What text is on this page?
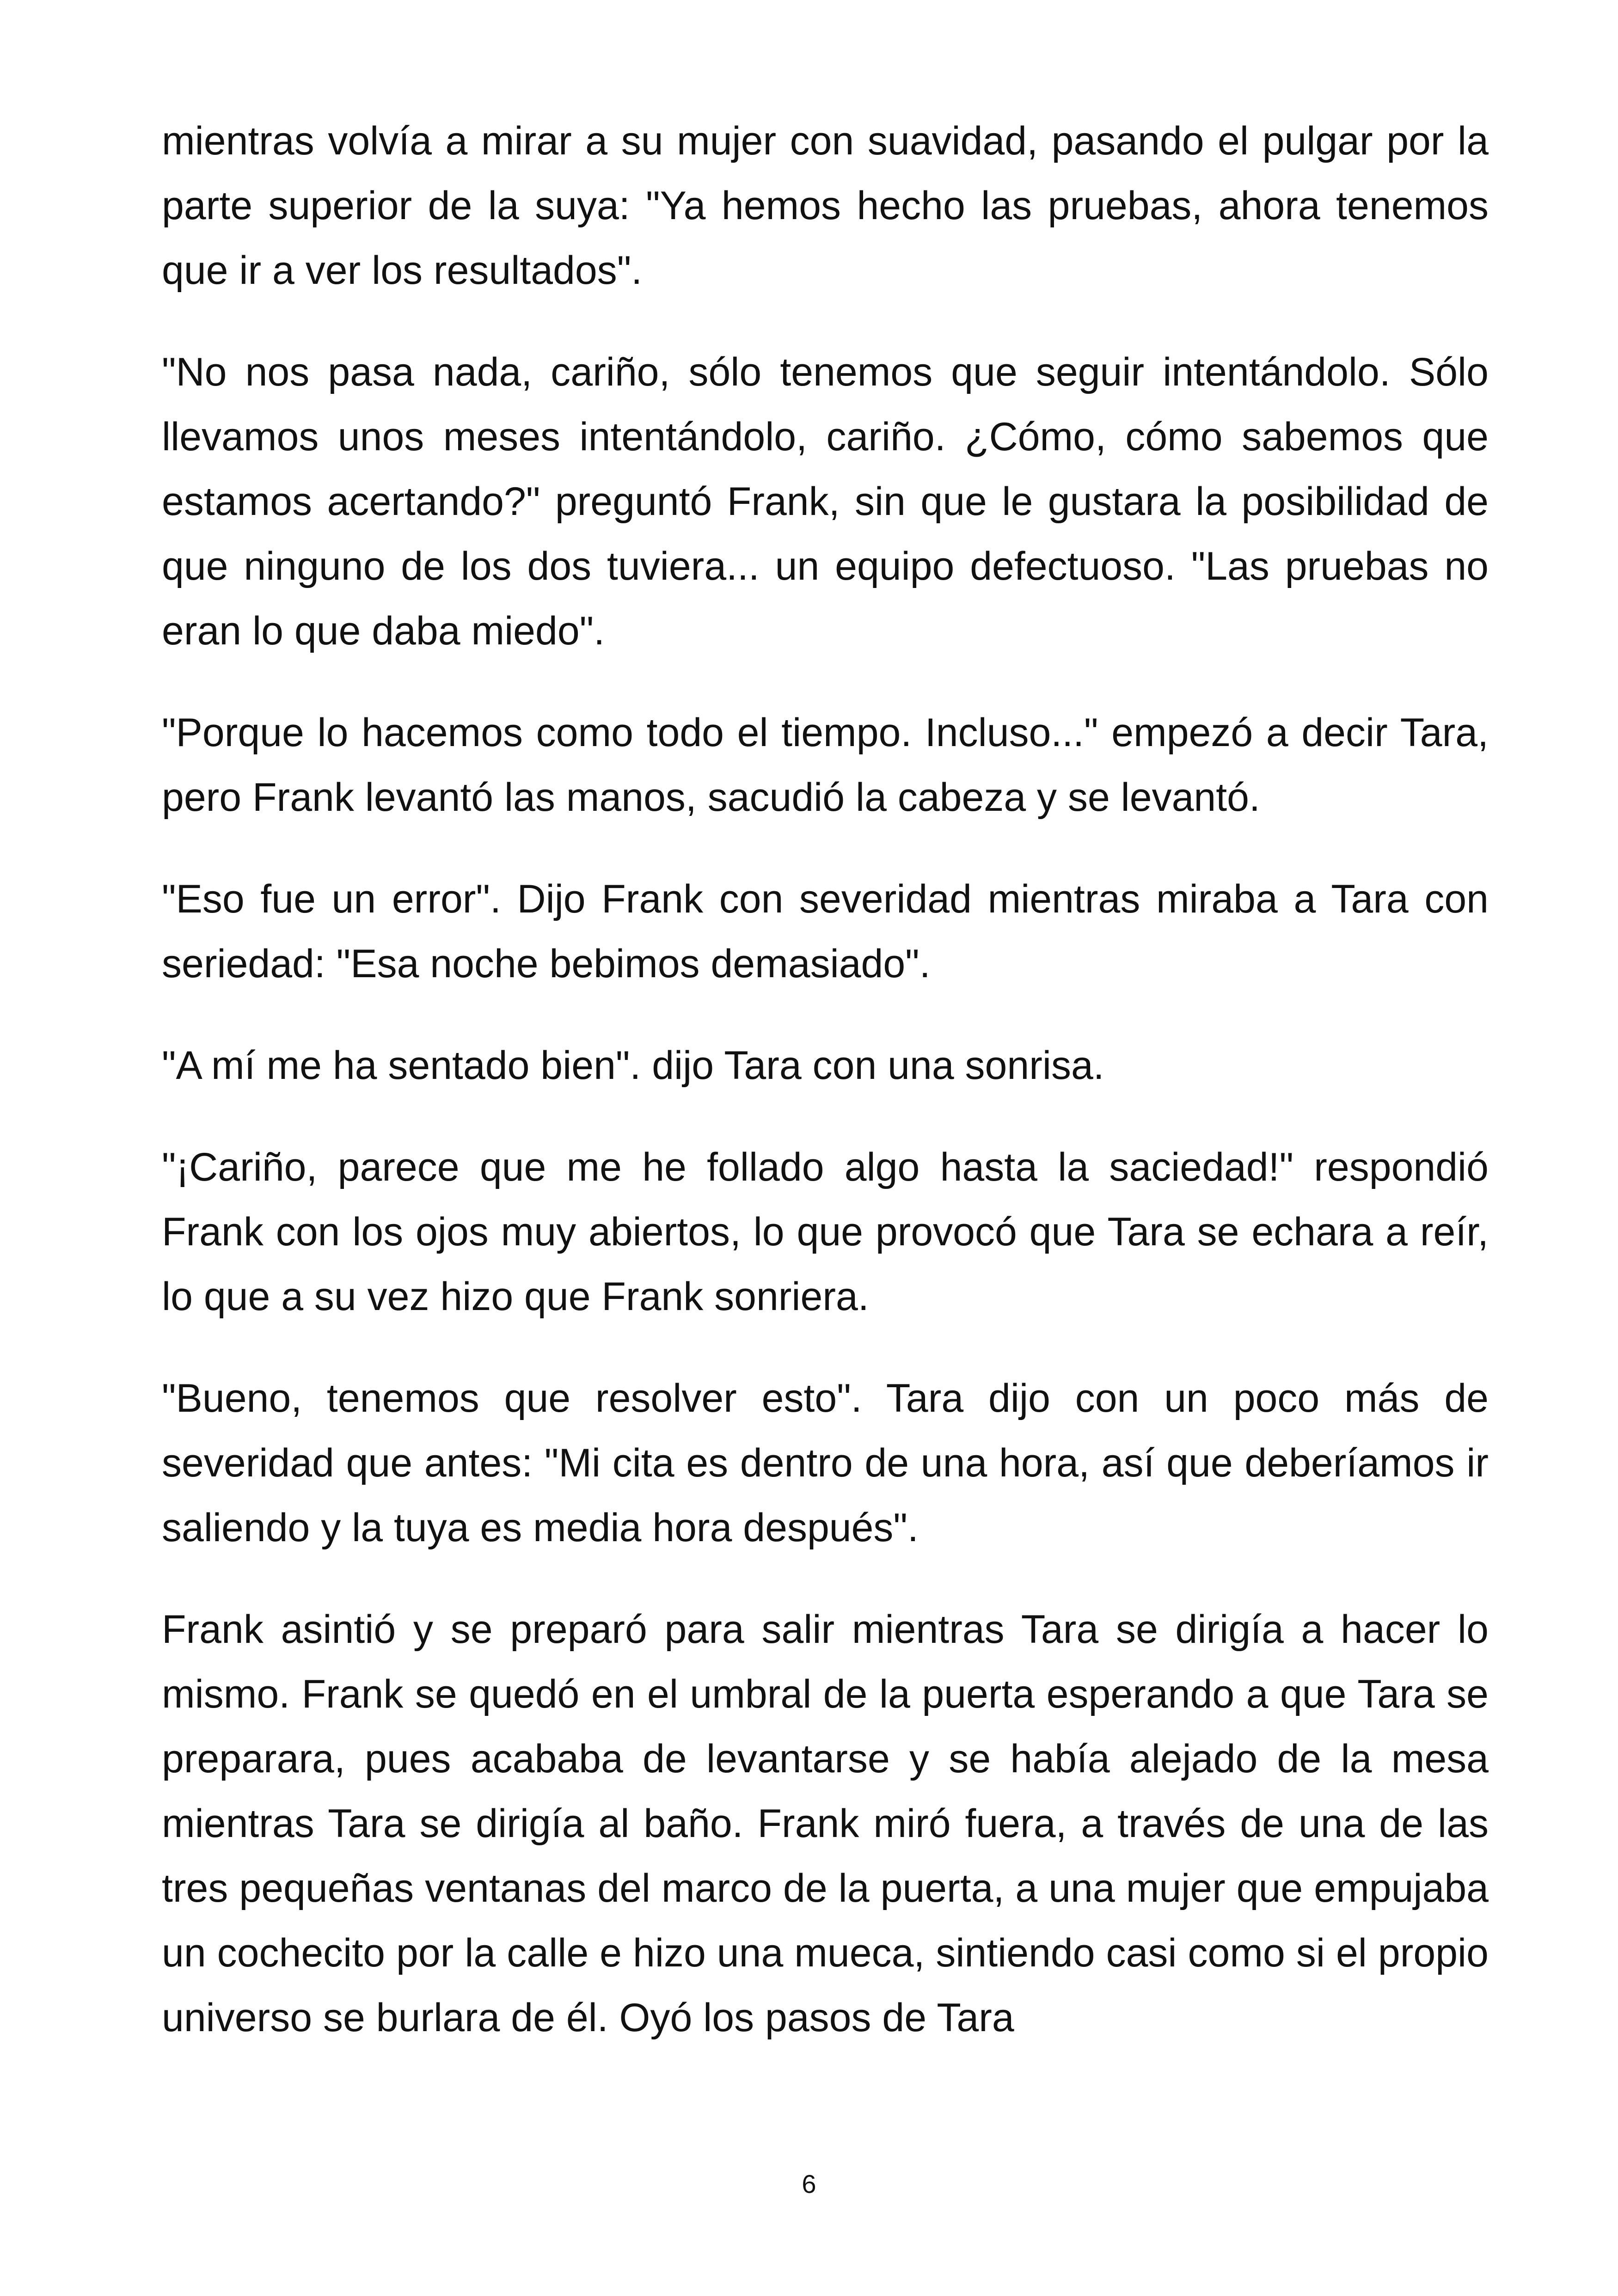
mientras volvía a mirar a su mujer con suavidad, pasando el pulgar por la parte superior de la suya: "Ya hemos hecho las pruebas, ahora tenemos que ir a ver los resultados".

"No nos pasa nada, cariño, sólo tenemos que seguir intentándolo. Sólo llevamos unos meses intentándolo, cariño. ¿Cómo, cómo sabemos que estamos acertando?" preguntó Frank, sin que le gustara la posibilidad de que ninguno de los dos tuviera... un equipo defectuoso. "Las pruebas no eran lo que daba miedo".

"Porque lo hacemos como todo el tiempo. Incluso..." empezó a decir Tara, pero Frank levantó las manos, sacudió la cabeza y se levantó.

"Eso fue un error". Dijo Frank con severidad mientras miraba a Tara con seriedad: "Esa noche bebimos demasiado".

"A mí me ha sentado bien". dijo Tara con una sonrisa.

"¡Cariño, parece que me he follado algo hasta la saciedad!" respondió Frank con los ojos muy abiertos, lo que provocó que Tara se echara a reír, lo que a su vez hizo que Frank sonriera.

"Bueno, tenemos que resolver esto". Tara dijo con un poco más de severidad que antes: "Mi cita es dentro de una hora, así que deberíamos ir saliendo y la tuya es media hora después".

Frank asintió y se preparó para salir mientras Tara se dirigía a hacer lo mismo. Frank se quedó en el umbral de la puerta esperando a que Tara se preparara, pues acababa de levantarse y se había alejado de la mesa mientras Tara se dirigía al baño. Frank miró fuera, a través de una de las tres pequeñas ventanas del marco de la puerta, a una mujer que empujaba un cochecito por la calle e hizo una mueca, sintiendo casi como si el propio universo se burlara de él. Oyó los pasos de Tara

6
